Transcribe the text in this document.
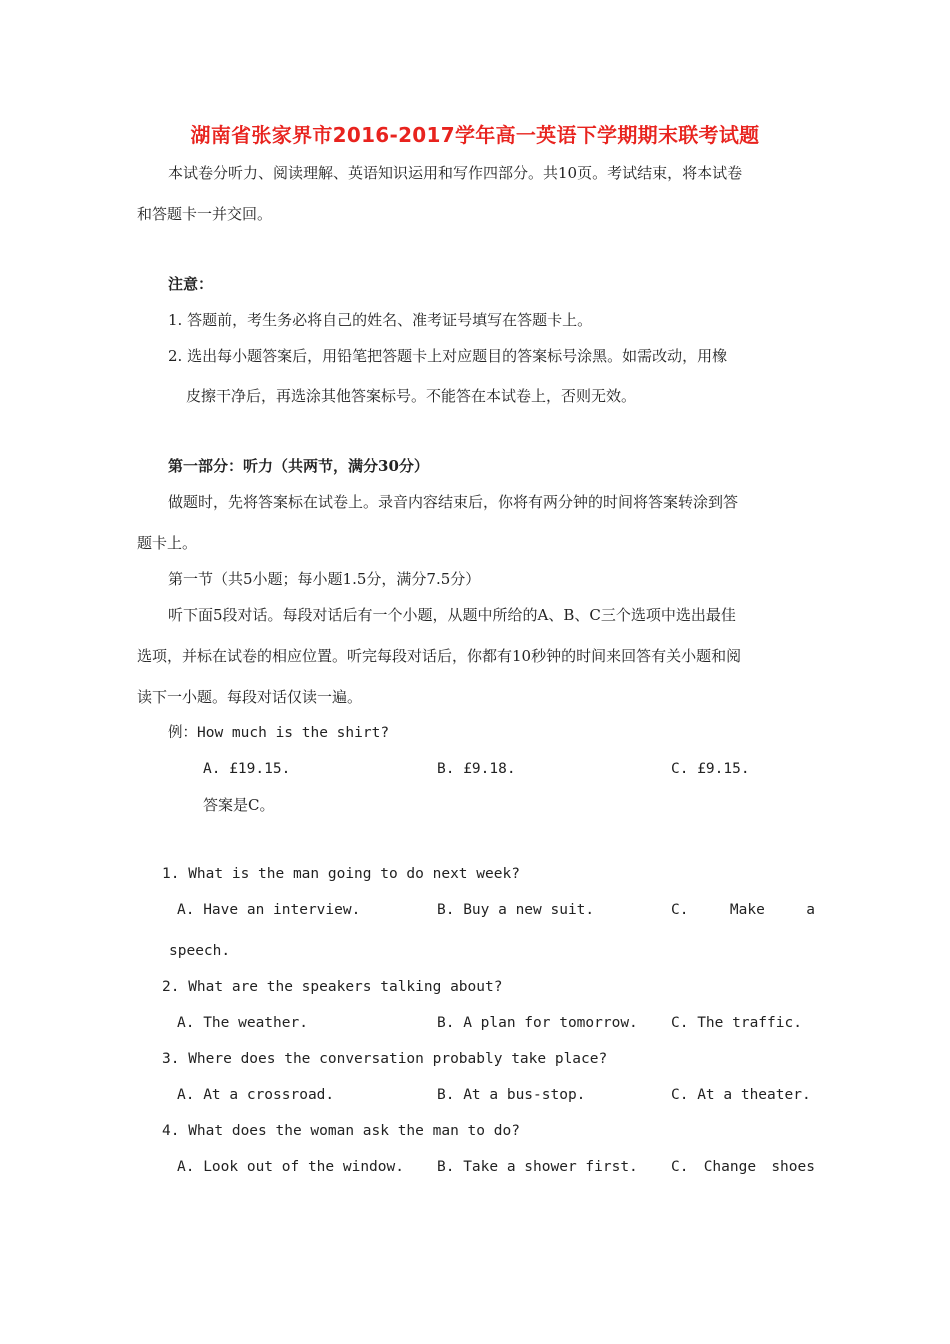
湖南省张家界市2016-2017学年高一英语下学期期末联考试题
本试卷分听力、阅读理解、英语知识运用和写作四部分。共10页。考试结束，将本试卷
和答题卡一并交回。
注意：
1. 答题前，考生务必将自己的姓名、准考证号填写在答题卡上。
2. 选出每小题答案后，用铅笔把答题卡上对应题目的答案标号涂黑。如需改动，用橡
皮擦干净后，再选涂其他答案标号。不能答在本试卷上，否则无效。
第一部分：听力（共两节，满分30分）
做题时，先将答案标在试卷上。录音内容结束后，你将有两分钟的时间将答案转涂到答
题卡上。
第一节（共5小题；每小题1.5分，满分7.5分）
听下面5段对话。每段对话后有一个小题，从题中所给的A、B、C三个选项中选出最佳
选项，并标在试卷的相应位置。听完每段对话后，你都有10秒钟的时间来回答有关小题和阅
读下一小题。每段对话仅读一遍。
例：How much is the shirt?
A. £19.15.	B. £9.18.	C. £9.15.
答案是C。
1. What is the man going to do next week?
A. Have an interview.	B. Buy a new suit.	C.	Make	a
speech.
2. What are the speakers talking about?
A. The weather.	B. A plan for tomorrow. C. The traffic.
3. Where does the conversation probably take place?
A. At a crossroad.	B. At a bus-stop.	C. At a theater.
4. What does the woman ask the man to do?
A. Look out of the window. B. Take a shower first. C. Change shoes
